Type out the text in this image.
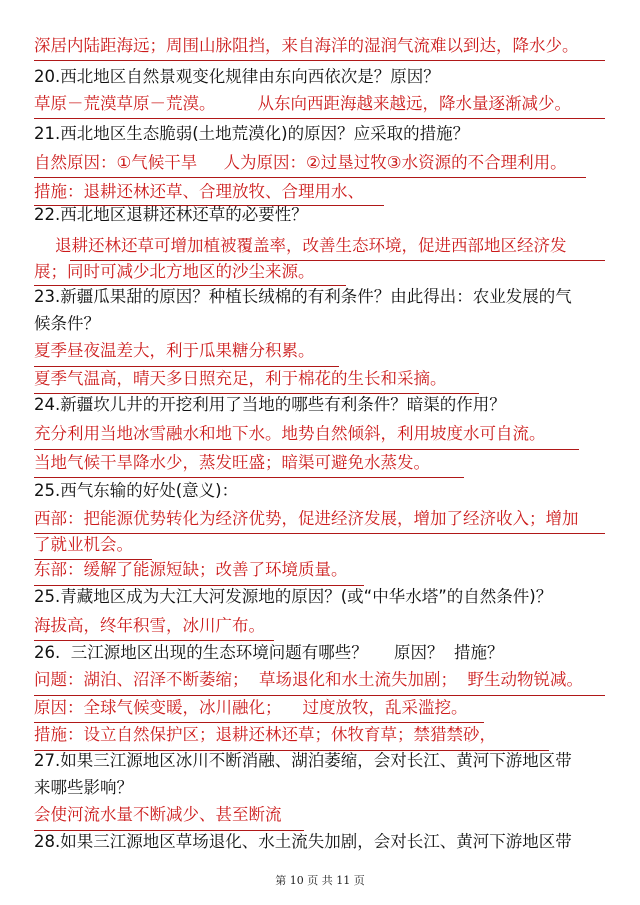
深居内陆距海远；周围山脉阻挡，来自海洋的湿润气流难以到达，降水少。
20.西北地区自然景观变化规律由东向西依次是？原因？
草原－荒漠草原－荒漠。        从东向西距海越来越远，降水量逐渐减少。
21.西北地区生态脆弱(土地荒漠化)的原因？应采取的措施？
自然原因：①气候干旱     人为原因：②过垦过牧③水资源的不合理利用。
措施：退耕还林还草、合理放牧、合理用水、
22.西北地区退耕还林还草的必要性？
退耕还林还草可增加植被覆盖率，改善生态环境，促进西部地区经济发
展；同时可减少北方地区的沙尘来源。
23.新疆瓜果甜的原因？种植长绒棉的有利条件？由此得出：农业发展的气
候条件？
夏季昼夜温差大，利于瓜果糖分积累。
夏季气温高，晴天多日照充足，利于棉花的生长和采摘。
24.新疆坎儿井的开挖利用了当地的哪些有利条件？暗渠的作用？
充分利用当地冰雪融水和地下水。地势自然倾斜，利用坡度水可自流。
当地气候干旱降水少，蒸发旺盛；暗渠可避免水蒸发。
25.西气东输的好处(意义)：
西部：把能源优势转化为经济优势，促进经济发展，增加了经济收入；增加
了就业机会。
东部：缓解了能源短缺；改善了环境质量。
25.青藏地区成为大江大河发源地的原因？(或“中华水塔”的自然条件)？
海拔高，终年积雪，冰川广布。
26.  三江源地区出现的生态环境问题有哪些？     原因？  措施？
问题：湖泊、沼泽不断萎缩；  草场退化和水土流失加剧；  野生动物锐减。
原因：全球气候变暖，冰川融化；    过度放牧，乱采滥挖。
措施：设立自然保护区；退耕还林还草；休牧育草；禁猎禁砂，
27.如果三江源地区冰川不断消融、湖泊萎缩，会对长江、黄河下游地区带
来哪些影响？
会使河流水量不断减少、甚至断流
28.如果三江源地区草场退化、水土流失加剧，会对长江、黄河下游地区带
第 10 页 共 11 页
